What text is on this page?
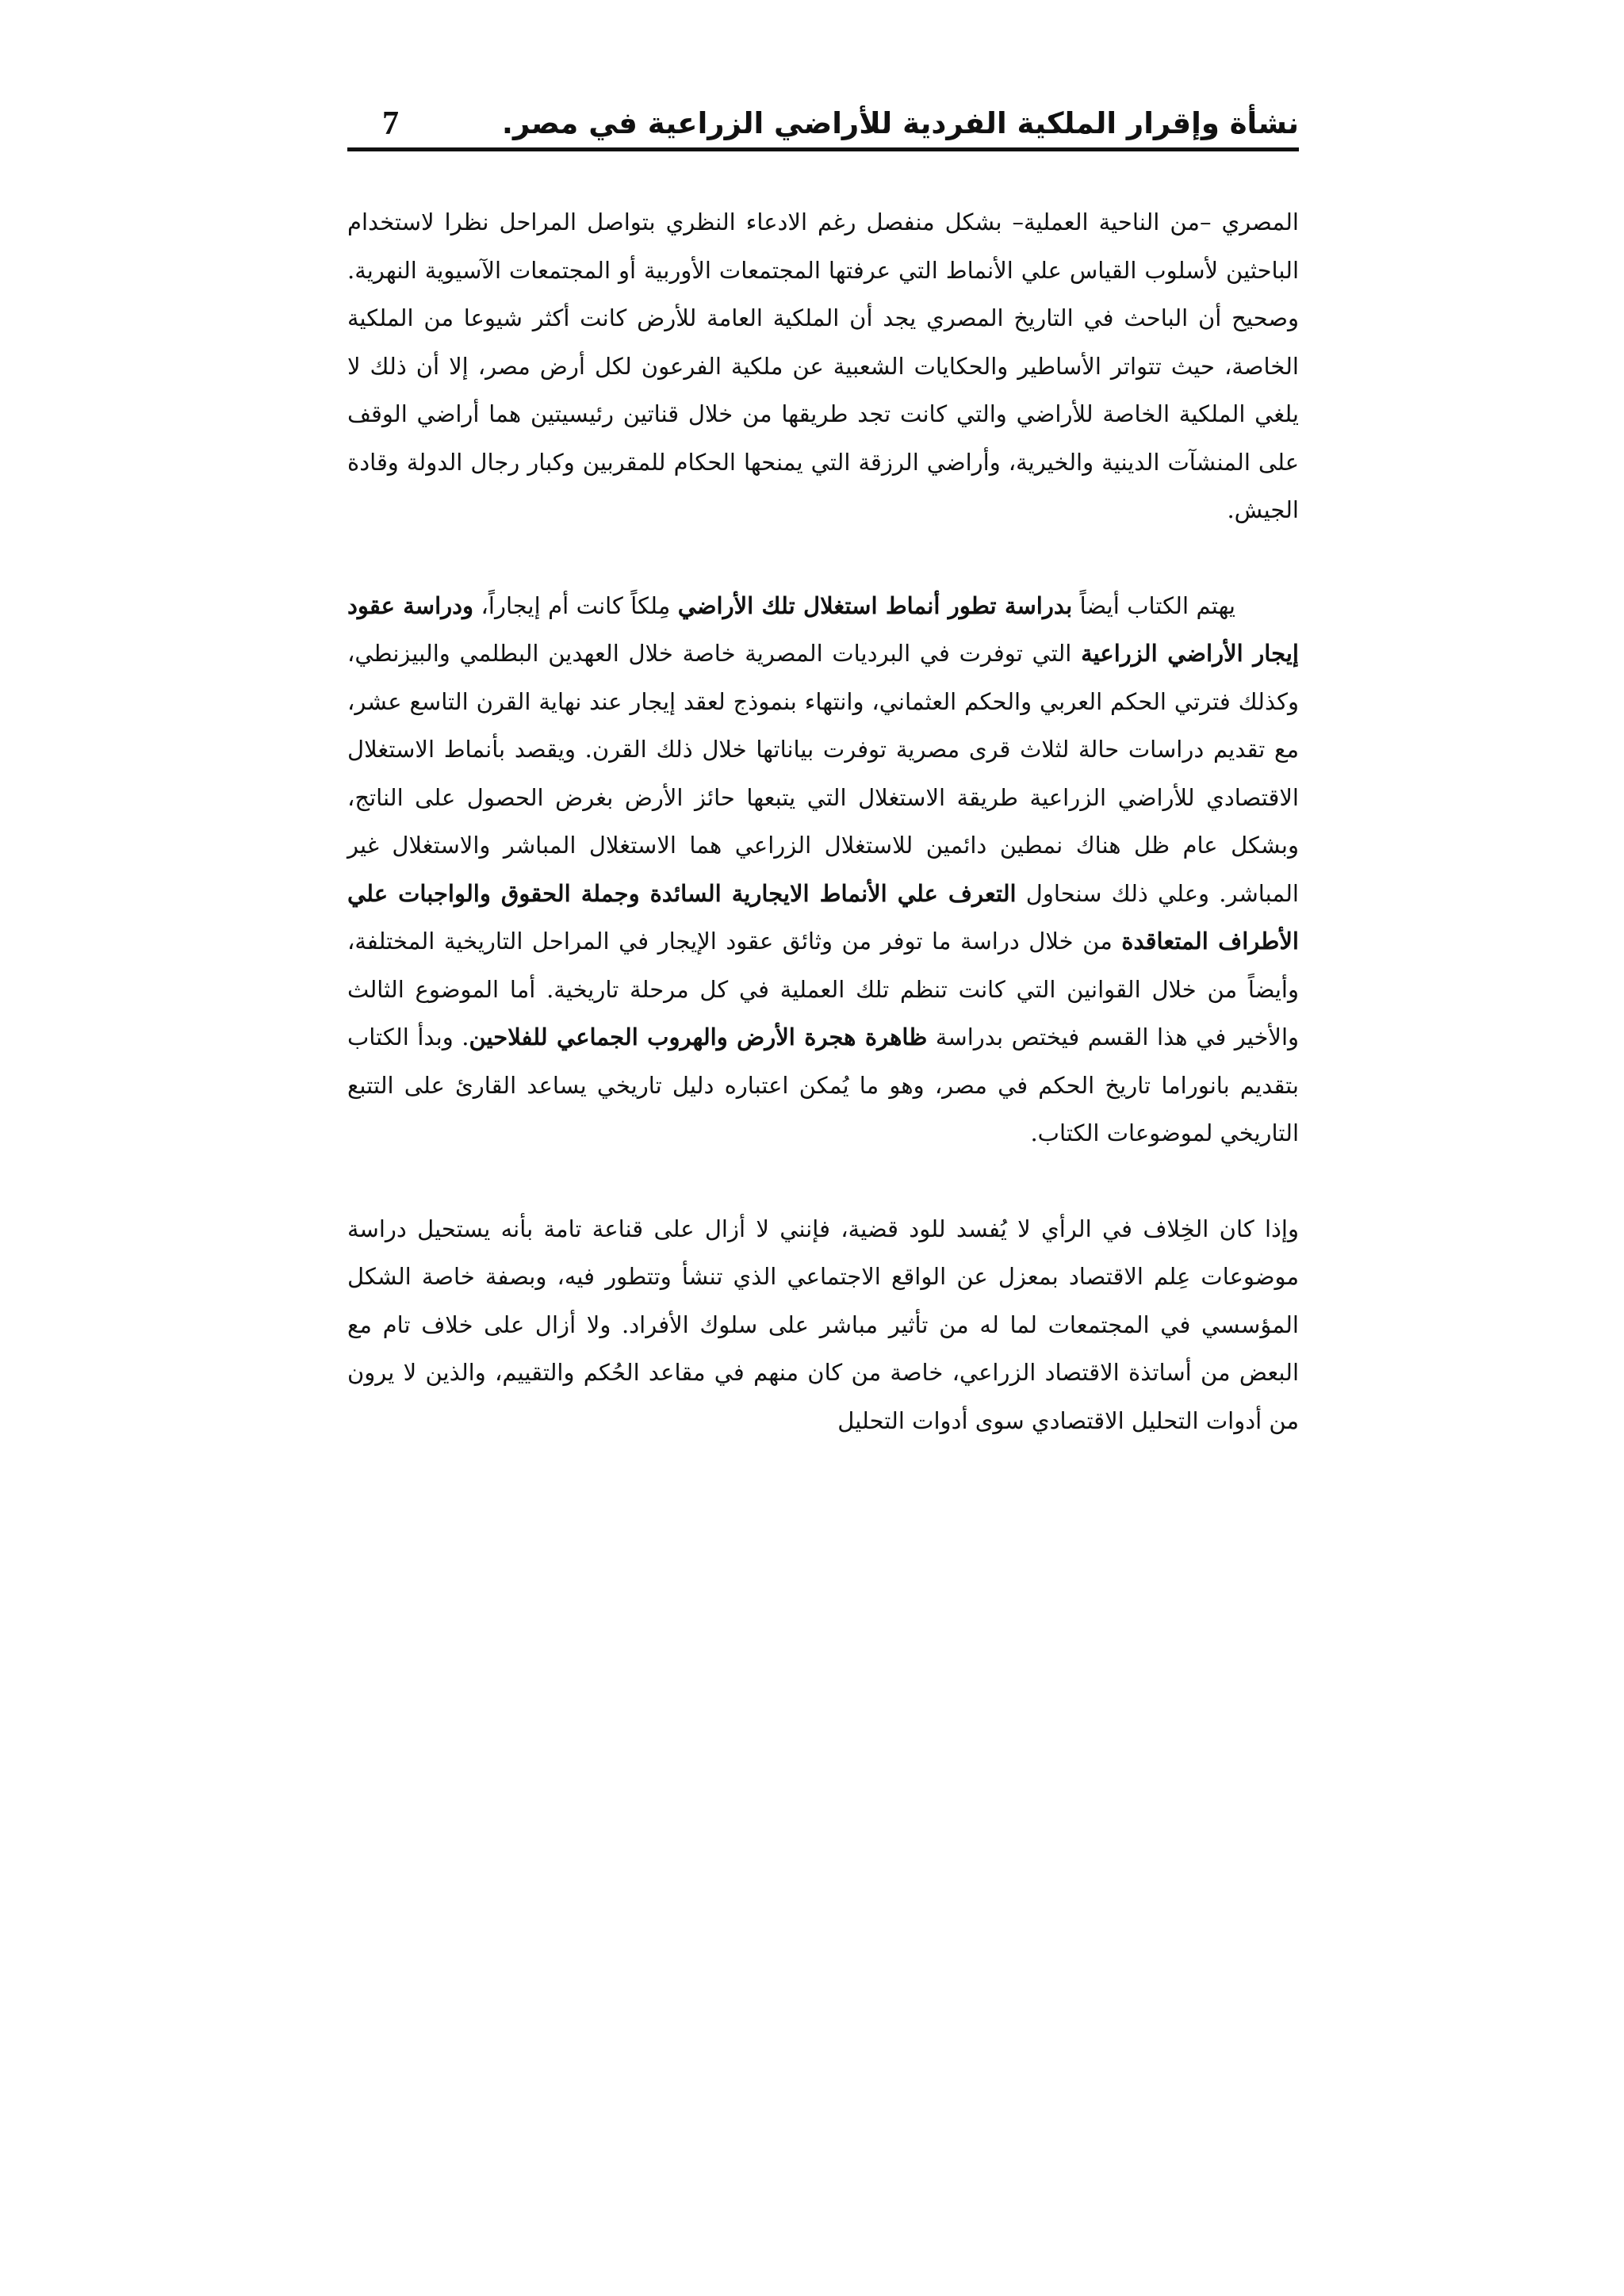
نشأة وإقرار الملكية الفردية للأراضي الزراعية في مصر.
7

المصري –من الناحية العملية– بشكل منفصل رغم الادعاء النظري بتواصل المراحل نظرا لاستخدام الباحثين لأسلوب القياس علي الأنماط التي عرفتها المجتمعات الأوربية أو المجتمعات الآسيوية النهرية. وصحيح أن الباحث في التاريخ المصري يجد أن الملكية العامة للأرض كانت أكثر شيوعا من الملكية الخاصة، حيث تتواتر الأساطير والحكايات الشعبية عن ملكية الفرعون لكل أرض مصر، إلا أن ذلك لا يلغي الملكية الخاصة للأراضي والتي كانت تجد طريقها من خلال قناتين رئيسيتين هما أراضي الوقف على المنشآت الدينية والخيرية، وأراضي الرزقة التي يمنحها الحكام للمقربين وكبار رجال الدولة وقادة الجيش.

يهتم الكتاب أيضاً بدراسة تطور أنماط استغلال تلك الأراضي مِلكاً كانت أم إيجاراً، ودراسة عقود إيجار الأراضي الزراعية التي توفرت في البرديات المصرية خاصة خلال العهدين البطلمي والبيزنطي، وكذلك فترتي الحكم العربي والحكم العثماني، وانتهاء بنموذج لعقد إيجار عند نهاية القرن التاسع عشر، مع تقديم دراسات حالة لثلاث قرى مصرية توفرت بياناتها خلال ذلك القرن. ويقصد بأنماط الاستغلال الاقتصادي للأراضي الزراعية طريقة الاستغلال التي يتبعها حائز الأرض بغرض الحصول على الناتج، وبشكل عام ظل هناك نمطين دائمين للاستغلال الزراعي هما الاستغلال المباشر والاستغلال غير المباشر. وعلي ذلك سنحاول التعرف علي الأنماط الايجارية السائدة وجملة الحقوق والواجبات علي الأطراف المتعاقدة من خلال دراسة ما توفر من وثائق عقود الإيجار في المراحل التاريخية المختلفة، وأيضاً من خلال القوانين التي كانت تنظم تلك العملية في كل مرحلة تاريخية. أما الموضوع الثالث والأخير في هذا القسم فيختص بدراسة ظاهرة هجرة الأرض والهروب الجماعي للفلاحين. وبدأ الكتاب بتقديم بانوراما تاريخ الحكم في مصر، وهو ما يُمكن اعتباره دليل تاريخي يساعد القارئ على التتبع التاريخي لموضوعات الكتاب.

وإذا كان الخِلاف في الرأي لا يُفسد للود قضية، فإنني لا أزال على قناعة تامة بأنه يستحيل دراسة موضوعات عِلم الاقتصاد بمعزل عن الواقع الاجتماعي الذي تنشأ وتتطور فيه، وبصفة خاصة الشكل المؤسسي في المجتمعات لما له من تأثير مباشر على سلوك الأفراد. ولا أزال على خلاف تام مع البعض من أساتذة الاقتصاد الزراعي، خاصة من كان منهم في مقاعد الحُكم والتقييم، والذين لا يرون من أدوات التحليل الاقتصادي سوى أدوات التحليل
